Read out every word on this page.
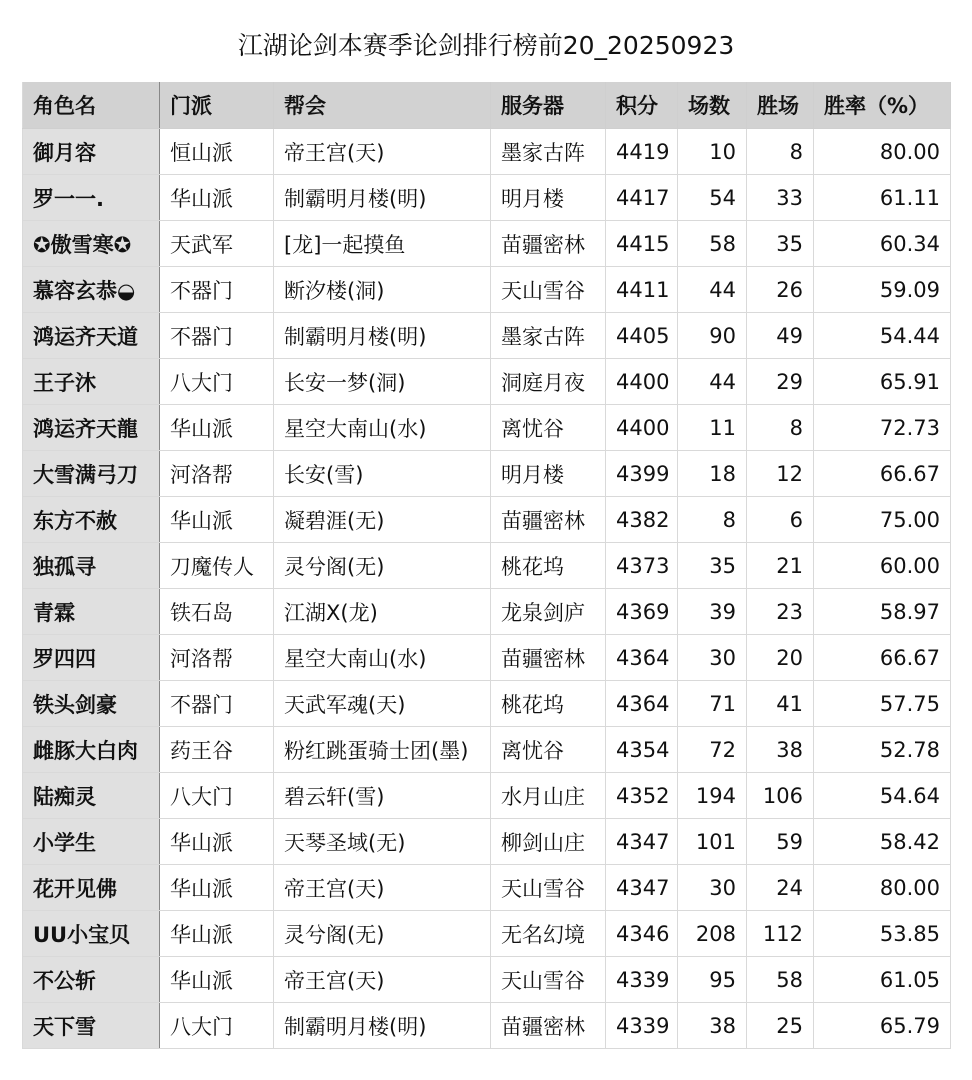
江湖论剑本赛季论剑排行榜前20_20250923
角色名	门派	帮会	服务器	积分	场数	胜场	胜率（%）
御月容	恒山派	帝王宫(天)	墨家古阵	4419	10	8	80.00
罗一一.	华山派	制霸明月楼(明)	明月楼	4417	54	33	61.11
✪傲雪寒✪	天武军	[龙]一起摸鱼	苗疆密林	4415	58	35	60.34
慕容玄恭◒	不器门	断汐楼(洞)	天山雪谷	4411	44	26	59.09
鸿运齐天道	不器门	制霸明月楼(明)	墨家古阵	4405	90	49	54.44
王子沐	八大门	长安一梦(洞)	洞庭月夜	4400	44	29	65.91
鸿运齐天龍	华山派	星空大南山(水)	离忧谷	4400	11	8	72.73
大雪满弓刀	河洛帮	长安(雪)	明月楼	4399	18	12	66.67
东方不赦	华山派	凝碧涯(无)	苗疆密林	4382	8	6	75.00
独孤寻	刀魔传人	灵兮阁(无)	桃花坞	4373	35	21	60.00
青霖	铁石岛	江湖X(龙)	龙泉剑庐	4369	39	23	58.97
罗四四	河洛帮	星空大南山(水)	苗疆密林	4364	30	20	66.67
铁头剑豪	不器门	天武军魂(天)	桃花坞	4364	71	41	57.75
雌豚大白肉	药王谷	粉红跳蛋骑士团(墨)	离忧谷	4354	72	38	52.78
陆痴灵	八大门	碧云轩(雪)	水月山庄	4352	194	106	54.64
小学生	华山派	天琴圣域(无)	柳剑山庄	4347	101	59	58.42
花开见佛	华山派	帝王宫(天)	天山雪谷	4347	30	24	80.00
UU小宝贝	华山派	灵兮阁(无)	无名幻境	4346	208	112	53.85
不公斩	华山派	帝王宫(天)	天山雪谷	4339	95	58	61.05
天下雪	八大门	制霸明月楼(明)	苗疆密林	4339	38	25	65.79
